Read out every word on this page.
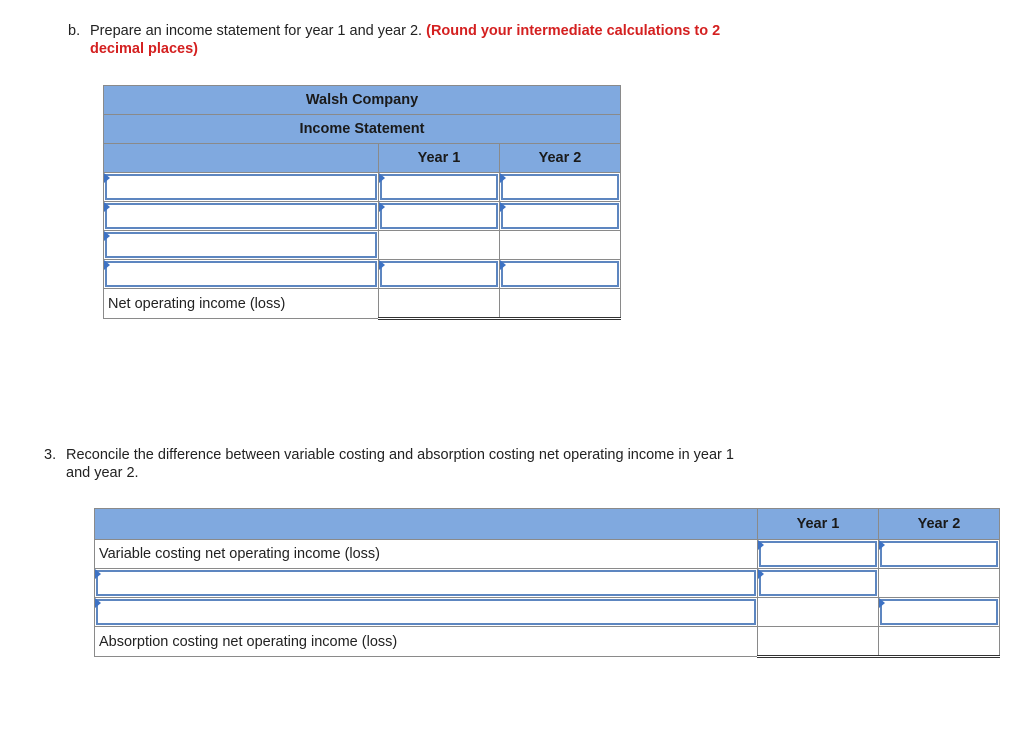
b. Prepare an income statement for year 1 and year 2. (Round your intermediate calculations to 2
decimal places)
Walsh Company		
Income Statement		
	Year 1	Year 2

Net operating income (loss)		
3. Reconcile the difference between variable costing and absorption costing net operating income in year 1
and year 2.
	Year 1	Year 2
Variable costing net operating income (loss)	

Absorption costing net operating income (loss)		
